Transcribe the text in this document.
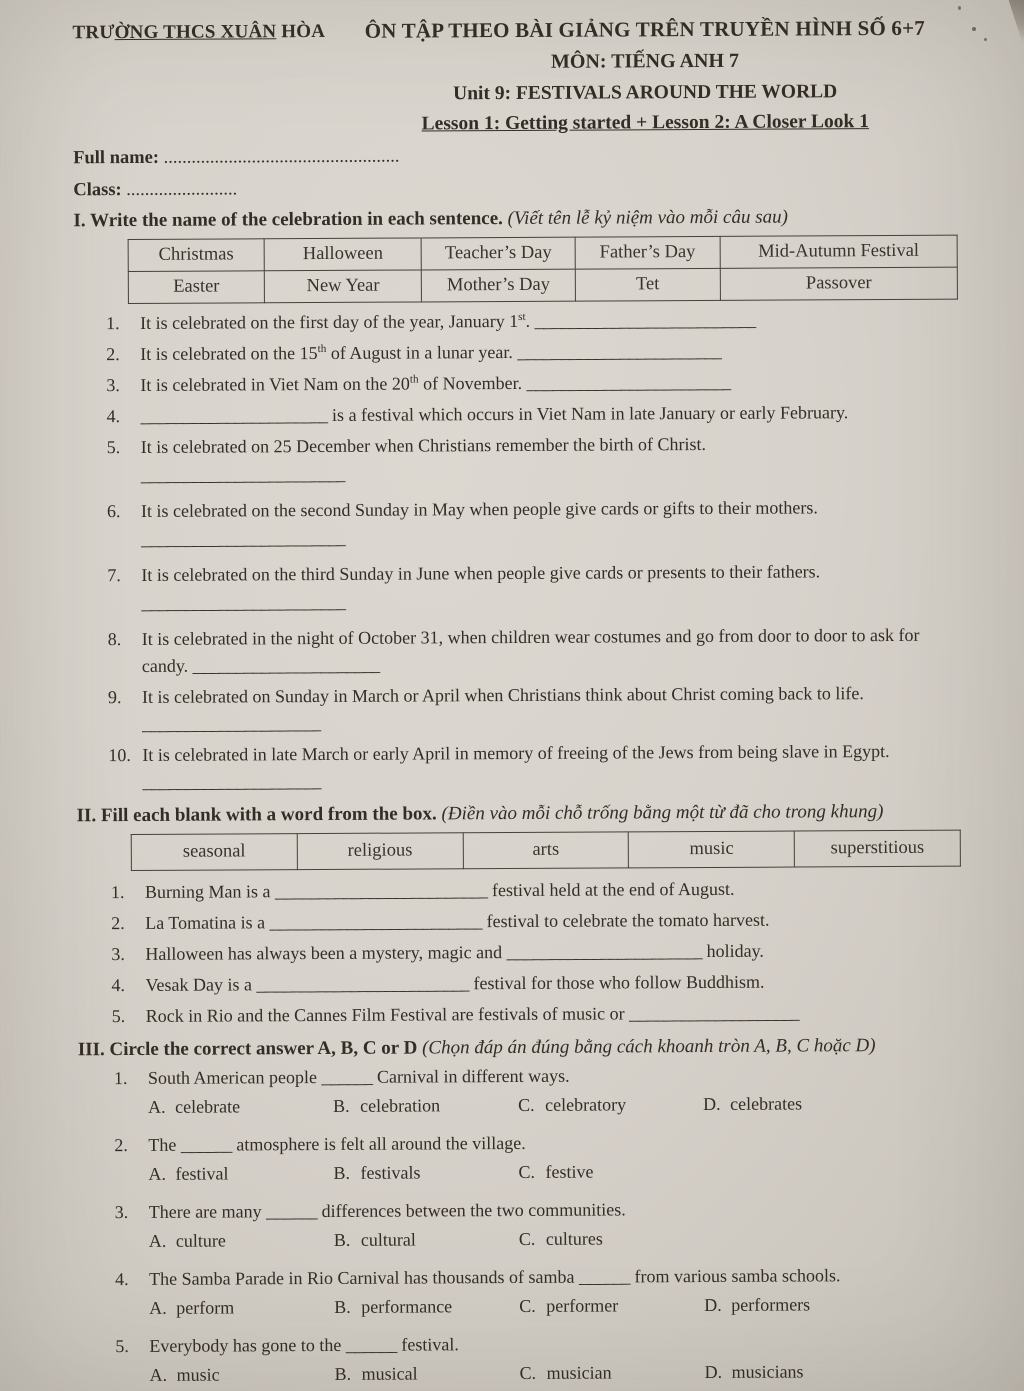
TRƯỜNG THCS XUÂN HÒA	ÔN TẬP THEO BÀI GIẢNG TRÊN TRUYỀN HÌNH SỐ 6+7
MÔN: TIẾNG ANH 7
Unit 9: FESTIVALS AROUND THE WORLD
Lesson 1: Getting started + Lesson 2: A Closer Look 1
Full name: ...................................................
Class: ........................
I. Write the name of the celebration in each sentence. (Viết tên lễ kỷ niệm vào mỗi câu sau)
Christmas	Halloween	Teacher’s Day	Father’s Day	Mid-Autumn Festival
Easter	New Year	Mother’s Day	Tet	Passover
1.	It is celebrated on the first day of the year, January 1st. __________________________
2.	It is celebrated on the 15th of August in a lunar year. ________________________
3.	It is celebrated in Viet Nam on the 20th of November. ________________________
4.	______________________ is a festival which occurs in Viet Nam in late January or early February.
5.	It is celebrated on 25 December when Christians remember the birth of Christ.
________________________
6.	It is celebrated on the second Sunday in May when people give cards or gifts to their mothers.
________________________
7.	It is celebrated on the third Sunday in June when people give cards or presents to their fathers.
________________________
8.	It is celebrated in the night of October 31, when children wear costumes and go from door to door to ask for candy. ______________________
9.	It is celebrated on Sunday in March or April when Christians think about Christ coming back to life. _____________________
10. It is celebrated in late March or early April in memory of freeing of the Jews from being slave in Egypt. _____________________
II. Fill each blank with a word from the box. (Điền vào mỗi chỗ trống bằng một từ đã cho trong khung)
seasonal	religious	arts	music	superstitious
1.	Burning Man is a _________________________ festival held at the end of August.
2.	La Tomatina is a _________________________ festival to celebrate the tomato harvest.
3.	Halloween has always been a mystery, magic and _______________________ holiday.
4.	Vesak Day is a _________________________ festival for those who follow Buddhism.
5.	Rock in Rio and the Cannes Film Festival are festivals of music or ____________________
III. Circle the correct answer A, B, C or D (Chọn đáp án đúng bằng cách khoanh tròn A, B, C hoặc D)
1.	South American people ______ Carnival in different ways.
A. celebrate	B. celebration	C. celebratory	D. celebrates
2.	The ______ atmosphere is felt all around the village.
A. festival	B. festivals	C. festive
3.	There are many ______ differences between the two communities.
A. culture	B. cultural	C. cultures
4.	The Samba Parade in Rio Carnival has thousands of samba ______ from various samba schools.
A. perform	B. performance	C. performer	D. performers
5.	Everybody has gone to the ______ festival.
A. music	B. musical	C. musician	D. musicians
